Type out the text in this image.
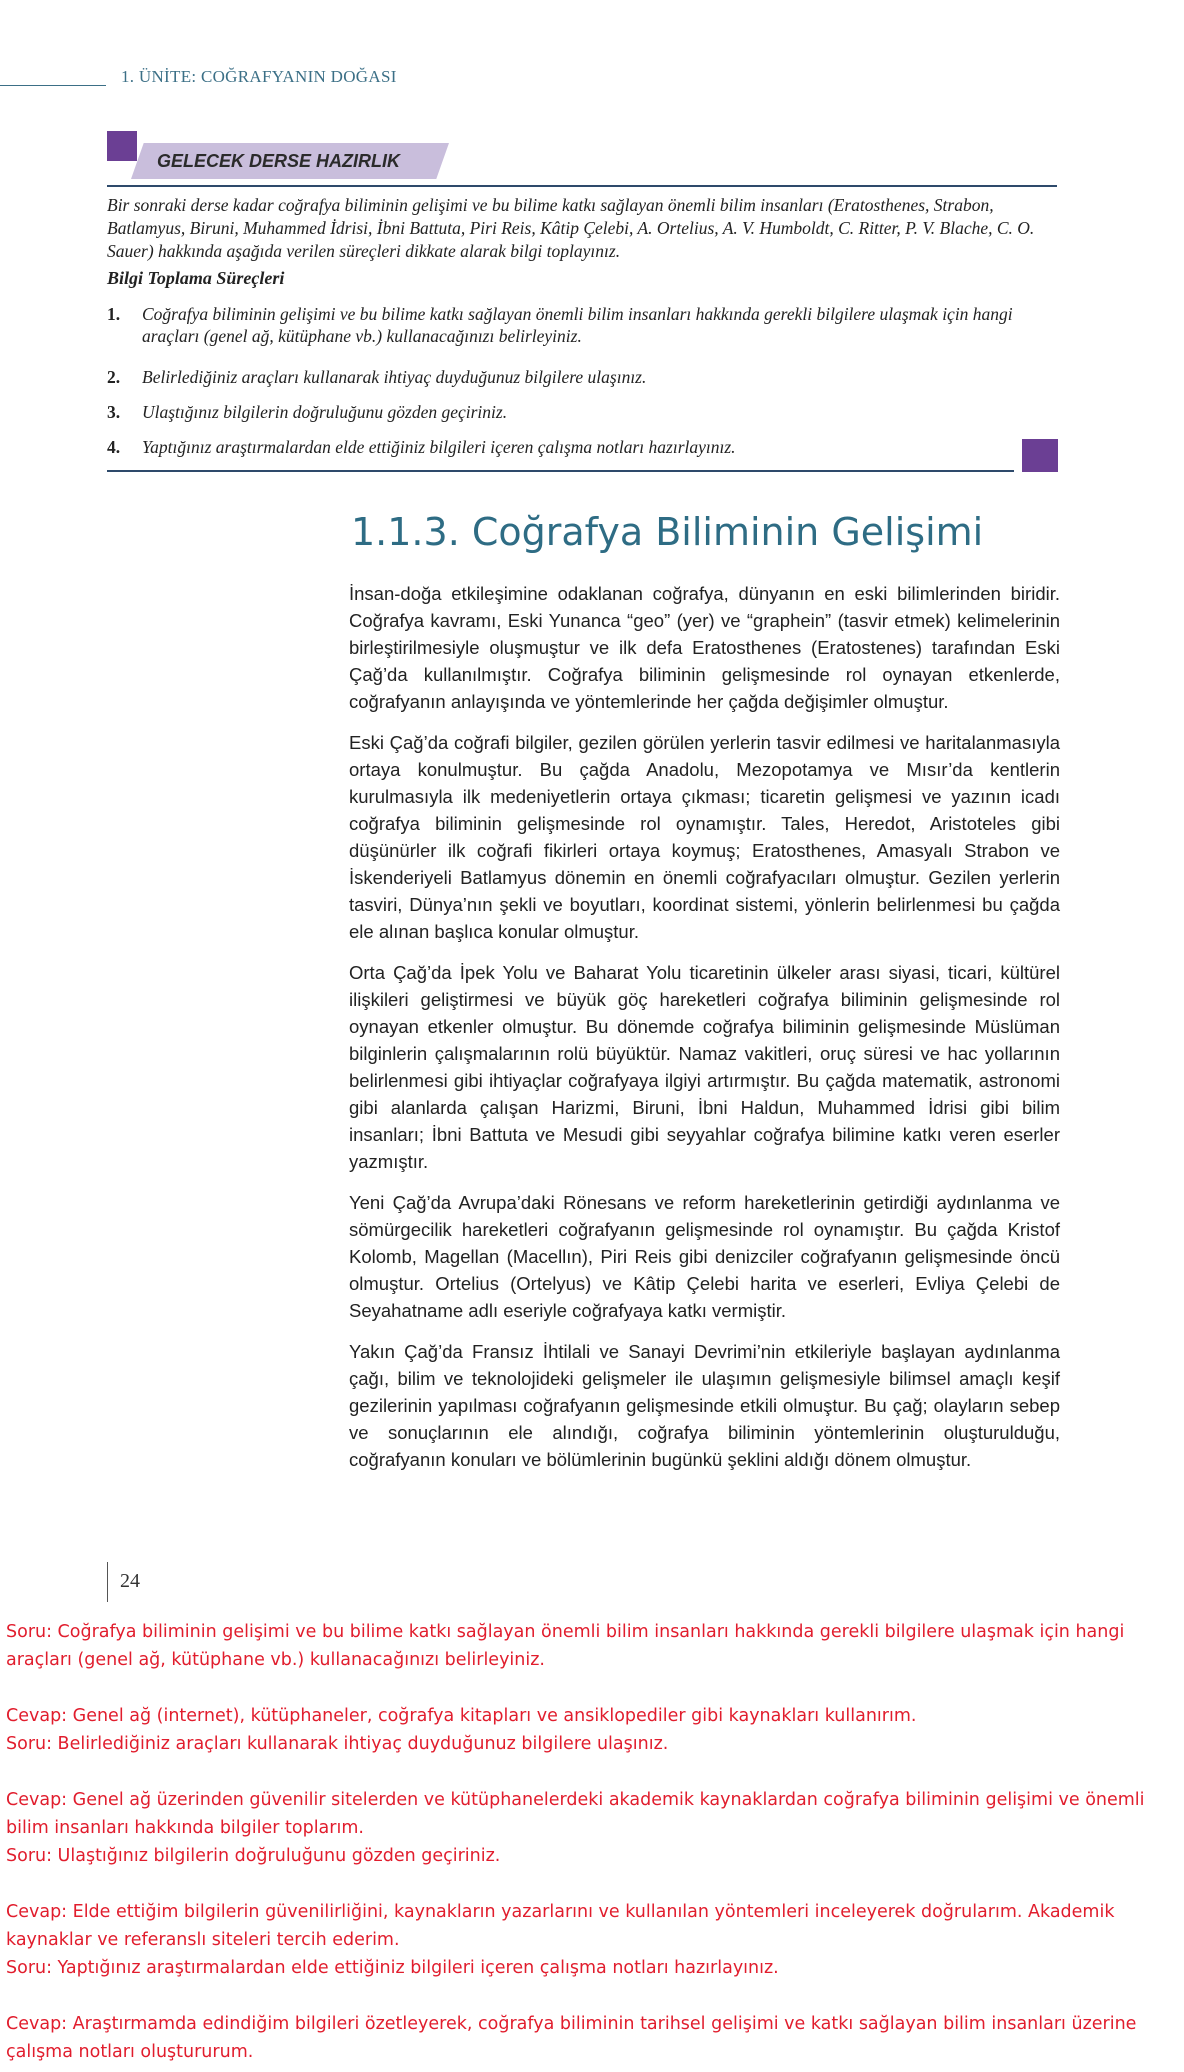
1. ÜNİTE: COĞRAFYANIN DOĞASI
GELECEK DERSE HAZIRLIK
Bir sonraki derse kadar coğrafya biliminin gelişimi ve bu bilime katkı sağlayan önemli bilim insanları (Eratosthenes, Strabon, Batlamyus, Biruni, Muhammed İdrisi, İbni Battuta, Piri Reis, Kâtip Çelebi, A. Ortelius, A. V. Humboldt, C. Ritter, P. V. Blache, C. O. Sauer) hakkında aşağıda verilen süreçleri dikkate alarak bilgi toplayınız.
Bilgi Toplama Süreçleri
1. Coğrafya biliminin gelişimi ve bu bilime katkı sağlayan önemli bilim insanları hakkında gerekli bilgilere ulaşmak için hangi araçları (genel ağ, kütüphane vb.) kullanacağınızı belirleyiniz.
2. Belirlediğiniz araçları kullanarak ihtiyaç duyduğunuz bilgilere ulaşınız.
3. Ulaştığınız bilgilerin doğruluğunu gözden geçiriniz.
4. Yaptığınız araştırmalardan elde ettiğiniz bilgileri içeren çalışma notları hazırlayınız.
1.1.3. Coğrafya Biliminin Gelişimi

İnsan-doğa etkileşimine odaklanan coğrafya, dünyanın en eski bilimlerinden biridir. Coğrafya kavramı, Eski Yunanca “geo” (yer) ve “graphein” (tasvir etmek) kelimelerinin birleştirilmesiyle oluşmuştur ve ilk defa Eratosthenes (Eratostenes) tarafından Eski Çağ’da kullanılmıştır. Coğrafya biliminin gelişmesinde rol oynayan etkenlerde, coğrafyanın anlayışında ve yöntemlerinde her çağda değişimler olmuştur.

Eski Çağ’da coğrafi bilgiler, gezilen görülen yerlerin tasvir edilmesi ve haritalanmasıyla ortaya konulmuştur. Bu çağda Anadolu, Mezopotamya ve Mısır’da kentlerin kurulmasıyla ilk medeniyetlerin ortaya çıkması; ticaretin gelişmesi ve yazının icadı coğrafya biliminin gelişmesinde rol oynamıştır. Tales, Heredot, Aristoteles gibi düşünürler ilk coğrafi fikirleri ortaya koymuş; Eratosthenes, Amasyalı Strabon ve İskenderiyeli Batlamyus dönemin en önemli coğrafyacıları olmuştur. Gezilen yerlerin tasviri, Dünya’nın şekli ve boyutları, koordinat sistemi, yönlerin belirlenmesi bu çağda ele alınan başlıca konular olmuştur.

Orta Çağ’da İpek Yolu ve Baharat Yolu ticaretinin ülkeler arası siyasi, ticari, kültürel ilişkileri geliştirmesi ve büyük göç hareketleri coğrafya biliminin gelişmesinde rol oynayan etkenler olmuştur. Bu dönemde coğrafya biliminin gelişmesinde Müslüman bilginlerin çalışmalarının rolü büyüktür. Namaz vakitleri, oruç süresi ve hac yollarının belirlenmesi gibi ihtiyaçlar coğrafyaya ilgiyi artırmıştır. Bu çağda matematik, astronomi gibi alanlarda çalışan Harizmi, Biruni, İbni Haldun, Muhammed İdrisi gibi bilim insanları; İbni Battuta ve Mesudi gibi seyyahlar coğrafya bilimine katkı veren eserler yazmıştır.

Yeni Çağ’da Avrupa’daki Rönesans ve reform hareketlerinin getirdiği aydınlanma ve sömürgecilik hareketleri coğrafyanın gelişmesinde rol oynamıştır. Bu çağda Kristof Kolomb, Magellan (Macellın), Piri Reis gibi denizciler coğrafyanın gelişmesinde öncü olmuştur. Ortelius (Ortelyus) ve Kâtip Çelebi harita ve eserleri, Evliya Çelebi de Seyahatname adlı eseriyle coğrafyaya katkı vermiştir.

Yakın Çağ’da Fransız İhtilali ve Sanayi Devrimi’nin etkileriyle başlayan aydınlanma çağı, bilim ve teknolojideki gelişmeler ile ulaşımın gelişmesiyle bilimsel amaçlı keşif gezilerinin yapılması coğrafyanın gelişmesinde etkili olmuştur. Bu çağ; olayların sebep ve sonuçlarının ele alındığı, coğrafya biliminin yöntemlerinin oluşturulduğu, coğrafyanın konuları ve bölümlerinin bugünkü şeklini aldığı dönem olmuştur.

24

Soru: Coğrafya biliminin gelişimi ve bu bilime katkı sağlayan önemli bilim insanları hakkında gerekli bilgilere ulaşmak için hangi araçları (genel ağ, kütüphane vb.) kullanacağınızı belirleyiniz.

Cevap: Genel ağ (internet), kütüphaneler, coğrafya kitapları ve ansiklopediler gibi kaynakları kullanırım.

Soru: Belirlediğiniz araçları kullanarak ihtiyaç duyduğunuz bilgilere ulaşınız.

Cevap: Genel ağ üzerinden güvenilir sitelerden ve kütüphanelerdeki akademik kaynaklardan coğrafya biliminin gelişimi ve önemli bilim insanları hakkında bilgiler toplarım.

Soru: Ulaştığınız bilgilerin doğruluğunu gözden geçiriniz.

Cevap: Elde ettiğim bilgilerin güvenilirliğini, kaynakların yazarlarını ve kullanılan yöntemleri inceleyerek doğrularım. Akademik kaynaklar ve referanslı siteleri tercih ederim.

Soru: Yaptığınız araştırmalardan elde ettiğiniz bilgileri içeren çalışma notları hazırlayınız.

Cevap: Araştırmamda edindiğim bilgileri özetleyerek, coğrafya biliminin tarihsel gelişimi ve katkı sağlayan bilim insanları üzerine çalışma notları oluştururum.
